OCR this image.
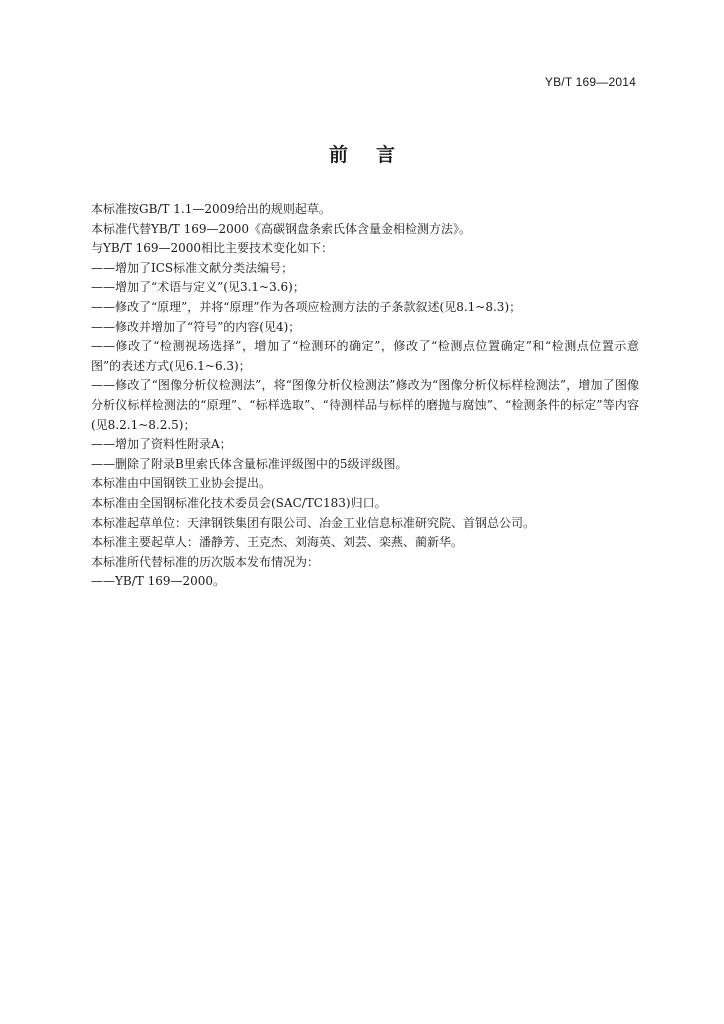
YB/T 169—2014
前言

本标准按GB/T 1.1—2009给出的规则起草。

本标准代替YB/T 169—2000《高碳钢盘条索氏体含量金相检测方法》。

与YB/T 169—2000相比主要技术变化如下：

——增加了ICS标准文献分类法编号；

——增加了“术语与定义”(见3.1~3.6)；

——修改了“原理”，并将“原理”作为各项应检测方法的子条款叙述(见8.1~8.3)；

——修改并增加了“符号”的内容(见4)；

——修改了“检测视场选择”，增加了“检测环的确定”，修改了“检测点位置确定”和“检测点位置示意图”的表述方式(见6.1~6.3)；

——修改了“图像分析仪检测法”，将“图像分析仪检测法”修改为“图像分析仪标样检测法”，增加了图像分析仪标样检测法的“原理”、“标样选取”、“待测样品与标样的磨抛与腐蚀”、“检测条件的标定”等内容(见8.2.1~8.2.5)；

——增加了资料性附录A；

——删除了附录B里索氏体含量标准评级图中的5级评级图。

本标准由中国钢铁工业协会提出。

本标准由全国钢标准化技术委员会(SAC/TC183)归口。

本标准起草单位：天津钢铁集团有限公司、冶金工业信息标准研究院、首钢总公司。

本标准主要起草人：潘静芳、王克杰、刘海英、刘芸、栾燕、蔺新华。

本标准所代替标准的历次版本发布情况为：

——YB/T 169—2000。
